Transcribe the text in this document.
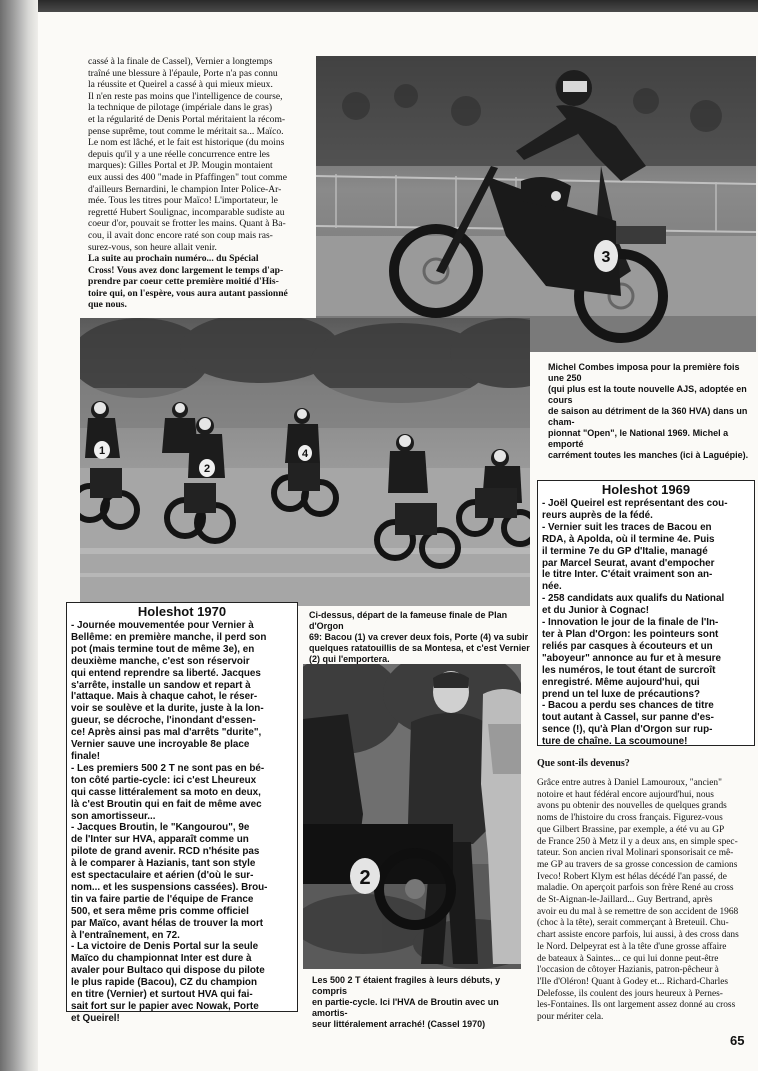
cassé à la finale de Cassel), Vernier a longtemps
traîné une blessure à l'épaule, Porte n'a pas connu
la réussite et Queirel a cassé à qui mieux mieux.
Il n'en reste pas moins que l'intelligence de course,
la technique de pilotage (impériale dans le gras)
et la régularité de Denis Portal méritaient la récom-
pense suprême, tout comme le méritait sa... Maïco.
Le nom est lâché, et le fait est historique (du moins
depuis qu'il y a une réelle concurrence entre les
marques): Gilles Portal et JP. Mougin montaient
eux aussi des 400 "made in Pfaffingen" tout comme
d'ailleurs Bernardini, le champion Inter Police-Ar-
mée. Tous les titres pour Maïco! L'importateur, le
regretté Hubert Soulignac, incomparable sudiste au
coeur d'or, pouvait se frotter les mains. Quant à Ba-
cou, il avait donc encore raté son coup mais ras-
surez-vous, son heure allait venir.

La suite au prochain numéro... du Spécial
Cross! Vous avez donc largement le temps d'ap-
prendre par coeur cette première moitié d'His-
toire qui, on l'espère, vous aura autant passionné
que nous.

3
Michel Combes imposa pour la première fois une 250
(qui plus est la toute nouvelle AJS, adoptée en cours
de saison au détriment de la 360 HVA) dans un cham-
pionnat "Open", le National 1969. Michel a emporté
carrément toutes les manches (ici à Laguépie).
1
2
4
Holeshot 1969

- Joël Queirel est représentant des cou-
reurs auprès de la fédé.
- Vernier suit les traces de Bacou en
RDA, à Apolda, où il termine 4e. Puis
il termine 7e du GP d'Italie, managé
par Marcel Seurat, avant d'empocher
le titre Inter. C'était vraiment son an-
née.
- 258 candidats aux qualifs du National
et du Junior à Cognac!
- Innovation le jour de la finale de l'In-
ter à Plan d'Orgon: les pointeurs sont
reliés par casques à écouteurs et un
"aboyeur" annonce au fur et à mesure
les numéros, le tout étant de surcroît
enregistré. Même aujourd'hui, qui
prend un tel luxe de précautions?
- Bacou a perdu ses chances de titre
tout autant à Cassel, sur panne d'es-
sence (!), qu'à Plan d'Orgon sur rup-
ture de chaîne. La scoumoune!

Holeshot 1970

- Journée mouvementée pour Vernier à
Bellême: en première manche, il perd son
pot (mais termine tout de même 3e), en
deuxième manche, c'est son réservoir
qui entend reprendre sa liberté. Jacques
s'arrête, installe un sandow et repart à
l'attaque. Mais à chaque cahot, le réser-
voir se soulève et la durite, juste à la lon-
gueur, se décroche, l'inondant d'essen-
ce! Après ainsi pas mal d'arrêts "durite",
Vernier sauve une incroyable 8e place
finale!
- Les premiers 500 2 T ne sont pas en bé-
ton côté partie-cycle: ici c'est Lheureux
qui casse littéralement sa moto en deux,
là c'est Broutin qui en fait de même avec
son amortisseur...
- Jacques Broutin, le "Kangourou", 9e
de l'Inter sur HVA, apparaît comme un
pilote de grand avenir. RCD n'hésite pas
à le comparer à Hazianis, tant son style
est spectaculaire et aérien (d'où le sur-
nom... et les suspensions cassées). Brou-
tin va faire partie de l'équipe de France
500, et sera même pris comme officiel
par Maïco, avant hélas de trouver la mort
à l'entraînement, en 72.
- La victoire de Denis Portal sur la seule
Maïco du championnat Inter est dure à
avaler pour Bultaco qui dispose du pilote
le plus rapide (Bacou), CZ du champion
en titre (Vernier) et surtout HVA qui fai-
sait fort sur le papier avec Nowak, Porte
et Queirel!

Ci-dessus, départ de la fameuse finale de Plan d'Orgon
69: Bacou (1) va crever deux fois, Porte (4) va subir
quelques ratatouillis de sa Montesa, et c'est Vernier
(2) qui l'emportera.
2
Les 500 2 T étaient fragiles à leurs débuts, y compris
en partie-cycle. Ici l'HVA de Broutin avec un amortis-
seur littéralement arraché! (Cassel 1970)
Que sont-ils devenus?

Grâce entre autres à Daniel Lamouroux, "ancien"
notoire et haut fédéral encore aujourd'hui, nous
avons pu obtenir des nouvelles de quelques grands
noms de l'histoire du cross français. Figurez-vous
que Gilbert Brassine, par exemple, a été vu au GP
de France 250 à Metz il y a deux ans, en simple spec-
tateur. Son ancien rival Molinari sponsorisait ce mê-
me GP au travers de sa grosse concession de camions
Iveco! Robert Klym est hélas décédé l'an passé, de
maladie. On aperçoit parfois son frère René au cross
de St-Aignan-le-Jaillard... Guy Bertrand, après
avoir eu du mal à se remettre de son accident de 1968
(choc à la tête), serait commerçant à Breteuil. Chu-
chart assiste encore parfois, lui aussi, à des cross dans
le Nord. Delpeyrat est à la tête d'une grosse affaire
de bateaux à Saintes... ce qui lui donne peut-être
l'occasion de côtoyer Hazianis, patron-pêcheur à
l'Ile d'Oléron! Quant à Godey et... Richard-Charles
Delefosse, ils coulent des jours heureux à Pernes-
les-Fontaines. Ils ont largement assez donné au cross
pour mériter cela.

65
